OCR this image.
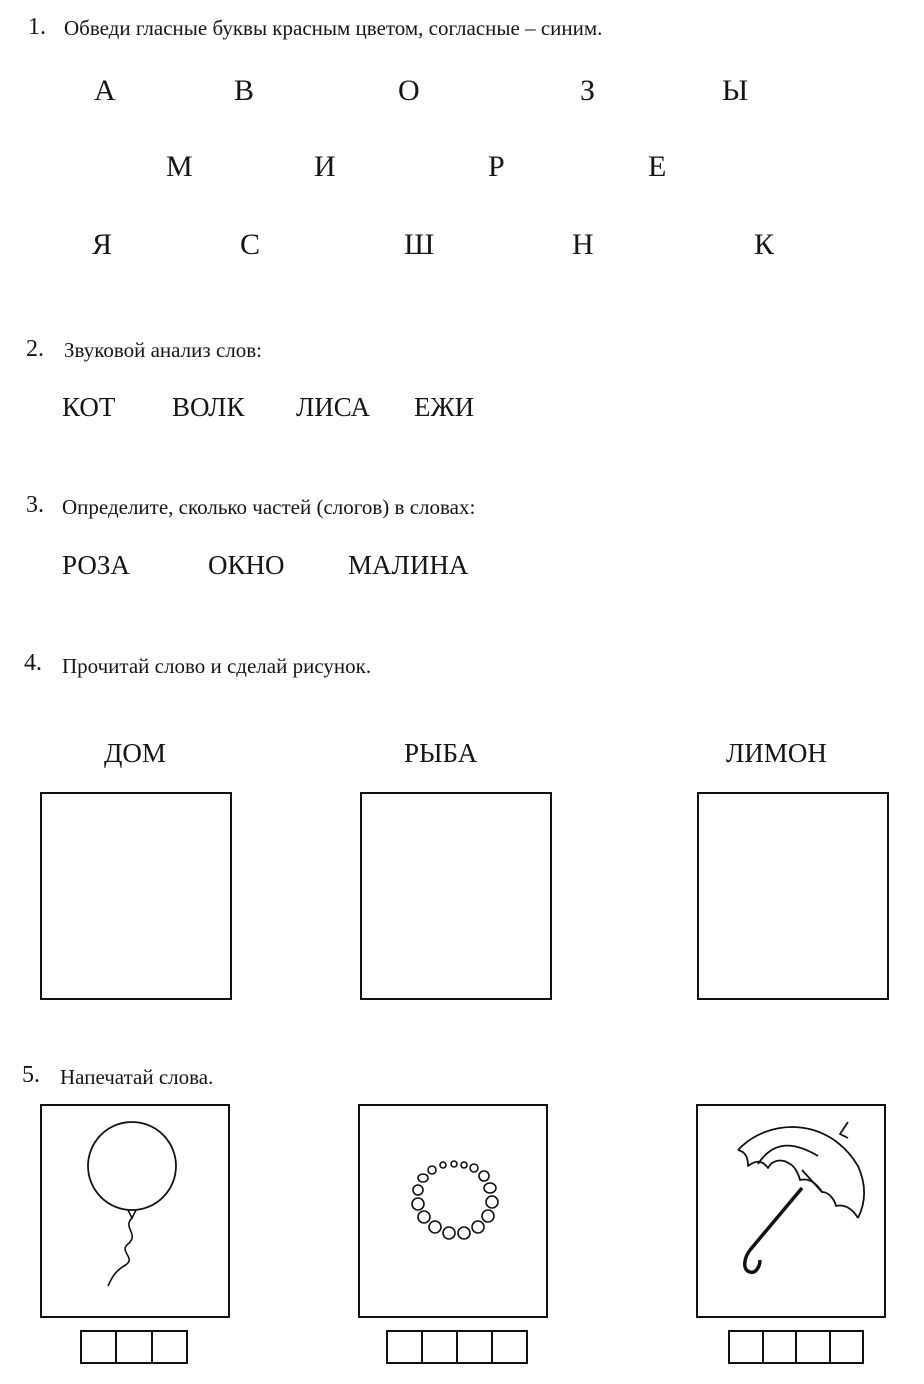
1. Обведи гласные буквы красным цветом, согласные – синим.
А	В	О	З	Ы
М	И	Р	Е
Я	С	Ш	Н	К
2. Звуковой анализ слов:
КОТ ВОЛК ЛИСА ЕЖИ
3. Определите, сколько частей (слогов) в словах:
РОЗА	ОКНО МАЛИНА
4. Прочитай слово и сделай рисунок.
ДОМ	РЫБА	ЛИМОН
5. Напечатай слова.
